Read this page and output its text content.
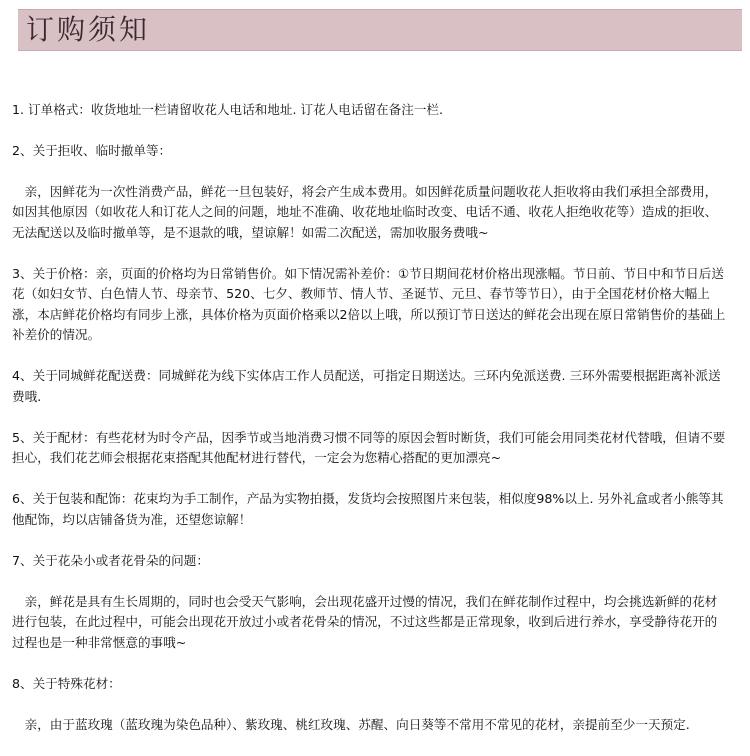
订购须知

1. 订单格式：收货地址一栏请留收花人电话和地址. 订花人电话留在备注一栏.

2、关于拒收、临时撤单等：

　亲，因鲜花为一次性消费产品，鲜花一旦包装好，将会产生成本费用。如因鲜花质量问题收花人拒收将由我们承担全部费用，如因其他原因（如收花人和订花人之间的问题，地址不准确、收花地址临时改变、电话不通、收花人拒绝收花等）造成的拒收、无法配送以及临时撤单等，是不退款的哦，望谅解！如需二次配送，需加收服务费哦~

3、关于价格：亲，页面的价格均为日常销售价。如下情况需补差价：①节日期间花材价格出现涨幅。节日前、节日中和节日后送花（如妇女节、白色情人节、母亲节、520、七夕、教师节、情人节、圣诞节、元旦、春节等节日），由于全国花材价格大幅上涨，本店鲜花价格均有同步上涨，具体价格为页面价格乘以2倍以上哦，所以预订节日送达的鲜花会出现在原日常销售价的基础上补差价的情况。

4、关于同城鲜花配送费：同城鲜花为线下实体店工作人员配送，可指定日期送达。三环内免派送费. 三环外需要根据距离补派送费哦.

5、关于配材：有些花材为时令产品，因季节或当地消费习惯不同等的原因会暂时断货，我们可能会用同类花材代替哦，但请不要担心，我们花艺师会根据花束搭配其他配材进行替代，一定会为您精心搭配的更加漂亮~

6、关于包装和配饰：花束均为手工制作，产品为实物拍摄，发货均会按照图片来包装，相似度98%以上. 另外礼盒或者小熊等其他配饰，均以店铺备货为准，还望您谅解！

7、关于花朵小或者花骨朵的问题：

　亲，鲜花是具有生长周期的，同时也会受天气影响，会出现花盛开过慢的情况，我们在鲜花制作过程中，均会挑选新鲜的花材进行包装，在此过程中，可能会出现花开放过小或者花骨朵的情况，不过这些都是正常现象，收到后进行养水，享受静待花开的过程也是一种非常惬意的事哦~

8、关于特殊花材：

　亲，由于蓝玫瑰（蓝玫瑰为染色品种）、紫玫瑰、桃红玫瑰、苏醒、向日葵等不常用不常见的花材，亲提前至少一天预定.
